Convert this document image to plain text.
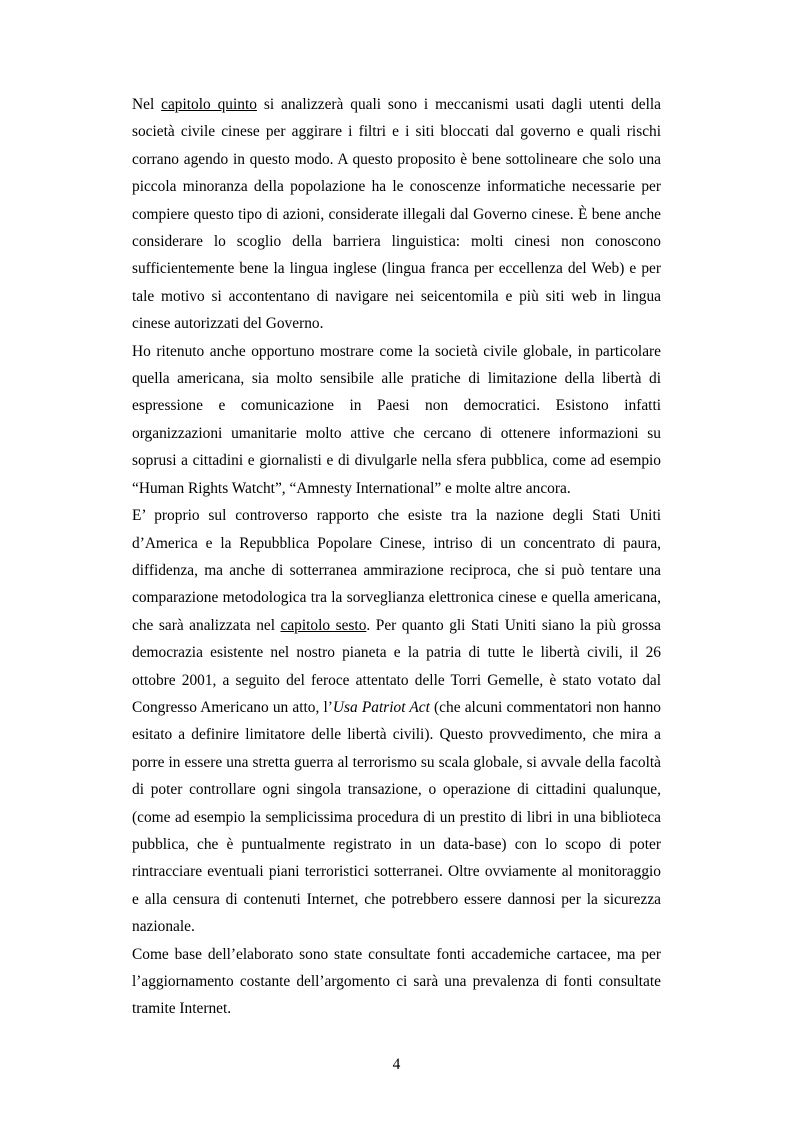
Nel capitolo quinto si analizzerà quali sono i meccanismi usati dagli utenti della società civile cinese per aggirare i filtri e i siti bloccati dal governo e quali rischi corrano agendo in questo modo. A questo proposito è bene sottolineare che solo una piccola minoranza della popolazione ha le conoscenze informatiche necessarie per compiere questo tipo di azioni, considerate illegali dal Governo cinese. È bene anche considerare lo scoglio della barriera linguistica: molti cinesi non conoscono sufficientemente bene la lingua inglese (lingua franca per eccellenza del Web) e per tale motivo si accontentano di navigare nei seicentomila e più siti web in lingua cinese autorizzati del Governo.

Ho ritenuto anche opportuno mostrare come la società civile globale, in particolare quella americana, sia molto sensibile alle pratiche di limitazione della libertà di espressione e comunicazione in Paesi non democratici. Esistono infatti organizzazioni umanitarie molto attive che cercano di ottenere informazioni su soprusi a cittadini e giornalisti e di divulgarle nella sfera pubblica, come ad esempio “Human Rights Watcht”, “Amnesty International” e molte altre ancora.

E’ proprio sul controverso rapporto che esiste tra la nazione degli Stati Uniti d’America e la Repubblica Popolare Cinese, intriso di un concentrato di paura, diffidenza, ma anche di sotterranea ammirazione reciproca, che si può tentare una comparazione metodologica tra la sorveglianza elettronica cinese e quella americana, che sarà analizzata nel capitolo sesto. Per quanto gli Stati Uniti siano la più grossa democrazia esistente nel nostro pianeta e la patria di tutte le libertà civili, il 26 ottobre 2001, a seguito del feroce attentato delle Torri Gemelle, è stato votato dal Congresso Americano un atto, l’Usa Patriot Act (che alcuni commentatori non hanno esitato a definire limitatore delle libertà civili). Questo provvedimento, che mira a porre in essere una stretta guerra al terrorismo su scala globale, si avvale della facoltà di poter controllare ogni singola transazione, o operazione di cittadini qualunque, (come ad esempio la semplicissima procedura di un prestito di libri in una biblioteca pubblica, che è puntualmente registrato in un data-base) con lo scopo di poter rintracciare eventuali piani terroristici sotterranei. Oltre ovviamente al monitoraggio e alla censura di contenuti Internet, che potrebbero essere dannosi per la sicurezza nazionale.

Come base dell’elaborato sono state consultate fonti accademiche cartacee, ma per l’aggiornamento costante dell’argomento ci sarà una prevalenza di fonti consultate tramite Internet.

4
